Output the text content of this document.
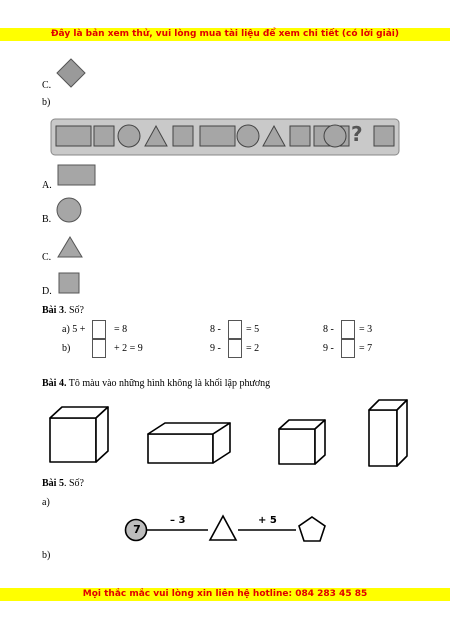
Đây là bản xem thử, vui lòng mua tài liệu để xem chi tiết (có lời giải)
C.
b)
?
A.
B.
C.
D.
Bài 3. Số?
a) 5 +	= 8	8 -	= 5	8 -	= 3
b)	+ 2 = 9	9 -	= 2	9 -	= 7
Bài 4. Tô màu vào những hình không là khối lập phương
Bài 5. Số?
a)
7
– 3	+ 5
b)
Mọi thắc mắc vui lòng xin liên hệ hotline: 084 283 45 85
